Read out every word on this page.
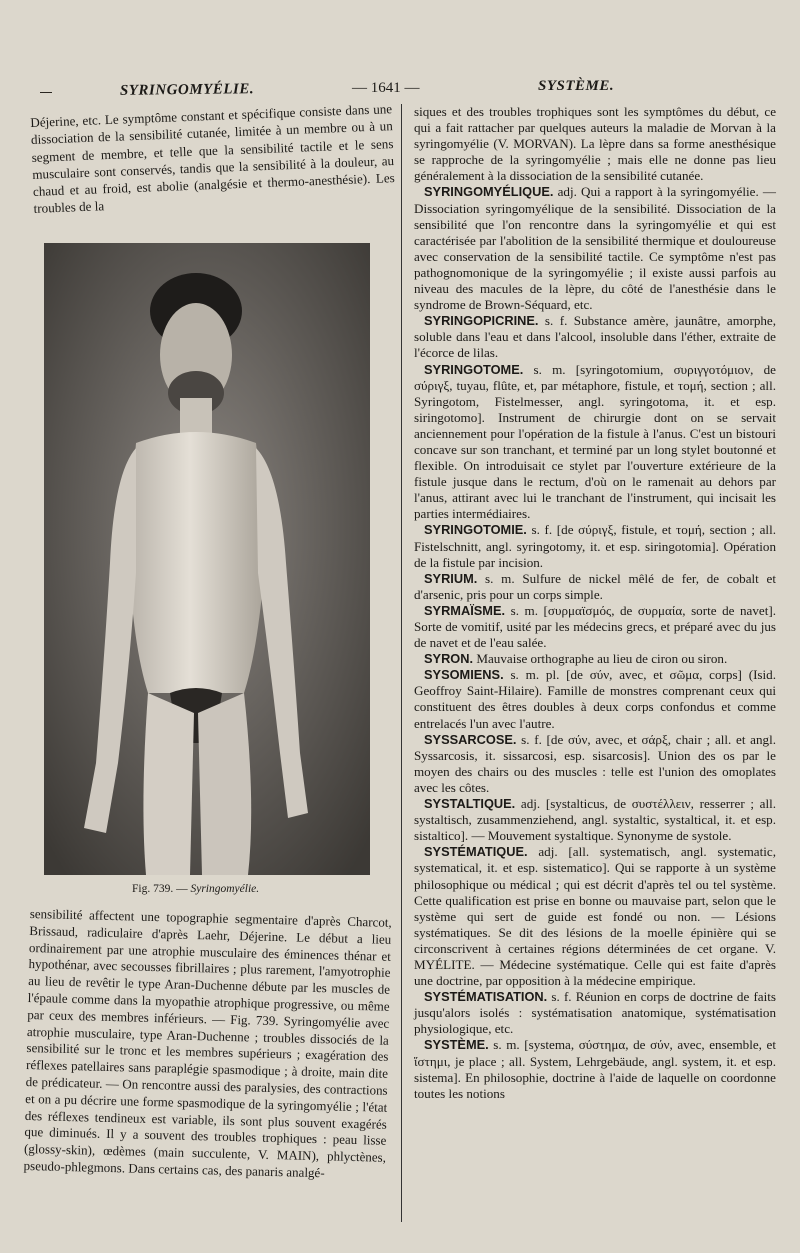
SYRINGOMYÉLIE.	— 1641 —	SYSTÈME.

Déjerine, etc. Le symptôme constant et spécifique consiste dans une dissociation de la sensibilité cutanée, limitée à un membre ou à un segment de membre, et telle que la sensibilité tactile et le sens musculaire sont conservés, tandis que la sensibilité à la douleur, au chaud et au froid, est abolie (analgésie et thermo-anesthésie). Les troubles de la

Fig. 739. — Syringomyélie.

sensibilité affectent une topographie segmentaire d'après Charcot, Brissaud, radiculaire d'après Laehr, Déjerine. Le début a lieu ordinairement par une atrophie musculaire des éminences thénar et hypothénar, avec secousses fibrillaires ; plus rarement, l'amyotrophie au lieu de revêtir le type Aran-Duchenne débute par les muscles de l'épaule comme dans la myopathie atrophique progressive, ou même par ceux des membres inférieurs. — Fig. 739. Syringomyélie avec atrophie musculaire, type Aran-Duchenne ; troubles dissociés de la sensibilité sur le tronc et les membres supérieurs ; exagération des réflexes patellaires sans paraplégie spasmodique ; à droite, main dite de prédicateur. — On rencontre aussi des paralysies, des contractions et on a pu décrire une forme spasmodique de la syringomyélie ; l'état des réflexes tendineux est variable, ils sont plus souvent exagérés que diminués. Il y a souvent des troubles trophiques : peau lisse (glossy-skin), œdèmes (main succulente, V. MAIN), phlyctènes, pseudo-phlegmons. Dans certains cas, des panaris analgé-

siques et des troubles trophiques sont les symptômes du début, ce qui a fait rattacher par quelques auteurs la maladie de Morvan à la syringomyélie (V. MORVAN). La lèpre dans sa forme anesthésique se rapproche de la syringomyélie ; mais elle ne donne pas lieu généralement à la dissociation de la sensibilité cutanée.

SYRINGOMYÉLIQUE. adj. Qui a rapport à la syringomyélie. — Dissociation syringomyélique de la sensibilité. Dissociation de la sensibilité que l'on rencontre dans la syringomyélie et qui est caractérisée par l'abolition de la sensibilité thermique et douloureuse avec conservation de la sensibilité tactile. Ce symptôme n'est pas pathognomonique de la syringomyélie ; il existe aussi parfois au niveau des macules de la lèpre, du côté de l'anesthésie dans le syndrome de Brown-Séquard, etc.

SYRINGOPICRINE. s. f. Substance amère, jaunâtre, amorphe, soluble dans l'eau et dans l'alcool, insoluble dans l'éther, extraite de l'écorce de lilas.

SYRINGOTOME. s. m. [syringotomium, συριγγοτόμιον, de σύριγξ, tuyau, flûte, et, par métaphore, fistule, et τομή, section ; all. Syringotom, Fistelmesser, angl. syringotoma, it. et esp. siringotomo]. Instrument de chirurgie dont on se servait anciennement pour l'opération de la fistule à l'anus. C'est un bistouri concave sur son tranchant, et terminé par un long stylet boutonné et flexible. On introduisait ce stylet par l'ouverture extérieure de la fistule jusque dans le rectum, d'où on le ramenait au dehors par l'anus, attirant avec lui le tranchant de l'instrument, qui incisait les parties intermédiaires.

SYRINGOTOMIE. s. f. [de σύριγξ, fistule, et τομή, section ; all. Fistelschnitt, angl. syringotomy, it. et esp. siringotomia]. Opération de la fistule par incision.

SYRIUM. s. m. Sulfure de nickel mêlé de fer, de cobalt et d'arsenic, pris pour un corps simple.

SYRMAÏSME. s. m. [συρμαϊσμός, de συρμαία, sorte de navet]. Sorte de vomitif, usité par les médecins grecs, et préparé avec du jus de navet et de l'eau salée.

SYRON. Mauvaise orthographe au lieu de ciron ou siron.

SYSOMIENS. s. m. pl. [de σύν, avec, et σῶμα, corps] (Isid. Geoffroy Saint-Hilaire). Famille de monstres comprenant ceux qui constituent des êtres doubles à deux corps confondus et comme entrelacés l'un avec l'autre.

SYSSARCOSE. s. f. [de σύν, avec, et σάρξ, chair ; all. et angl. Syssarcosis, it. sissarcosi, esp. sisarcosis]. Union des os par le moyen des chairs ou des muscles : telle est l'union des omoplates avec les côtes.

SYSTALTIQUE. adj. [systalticus, de συστέλλειν, resserrer ; all. systaltisch, zusammenziehend, angl. systaltic, systaltical, it. et esp. sistaltico]. — Mouvement systaltique. Synonyme de systole.

SYSTÉMATIQUE. adj. [all. systematisch, angl. systematic, systematical, it. et esp. sistematico]. Qui se rapporte à un système philosophique ou médical ; qui est décrit d'après tel ou tel système. Cette qualification est prise en bonne ou mauvaise part, selon que le système qui sert de guide est fondé ou non. — Lésions systématiques. Se dit des lésions de la moelle épinière qui se circonscrivent à certaines régions déterminées de cet organe. V. MYÉLITE. — Médecine systématique. Celle qui est faite d'après une doctrine, par opposition à la médecine empirique.

SYSTÉMATISATION. s. f. Réunion en corps de doctrine de faits jusqu'alors isolés : systématisation anatomique, systématisation physiologique, etc.

SYSTÈME. s. m. [systema, σύστημα, de σύν, avec, ensemble, et ἵστημι, je place ; all. System, Lehrgebäude, angl. system, it. et esp. sistema]. En philosophie, doctrine à l'aide de laquelle on coordonne toutes les notions
